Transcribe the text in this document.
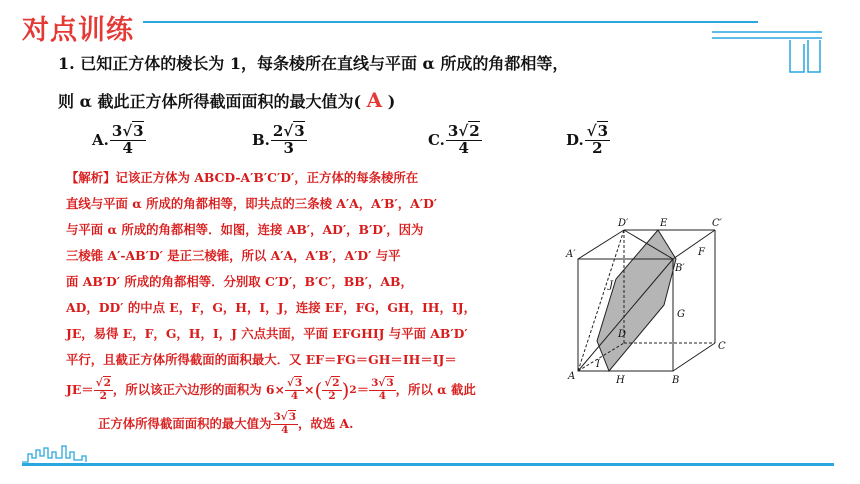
对点训练
1. 已知正方体的棱长为 1，每条棱所在直线与平面 α 所成的角都相等，
则 α 截此正方体所得截面面积的最大值为( A )
A. $\frac{3√3}{4}$	B. $\frac{2√3}{3}$	C. $\frac{3√2}{4}$	D. $\frac{√3}{2}$

【解析】记该正方体为 ABCD-A′B′C′D′，正方体的每条棱所在

直线与平面 α 所成的角都相等，即共点的三条棱 A′A，A′B′，A′D′

与平面 α 所成的角都相等．如图，连接 AB′，AD′，B′D′，因为

三棱锥 A′-AB′D′ 是正三棱锥，所以 A′A，A′B′，A′D′ 与平

面 AB′D′ 所成的角都相等．分别取 C′D′，B′C′，BB′，AB，

AD，DD′ 的中点 E，F，G，H，I，J，连接 EF，FG，GH，IH，IJ，

JE，易得 E，F，G，H，I，J 六点共面，平面 EFGHIJ 与平面 AB′D′

平行，且截正方体所得截面的面积最大．又 EF＝FG＝GH＝IH＝IJ＝

$JE= \frac{√2}{2}$ ，所以该正六边形的面积为 $6\times \frac{√3}{4}$ × ( $\frac{√2}{2}$ ) $2 = \frac{3√3}{4}$ ，所以 α 截此

正方体所得截面面积的最大值为 $\frac{3√3}{4}$ ，故选 A.

D′	E	C′
A′
B′
F
J
G
D
C
A
I
H	B
